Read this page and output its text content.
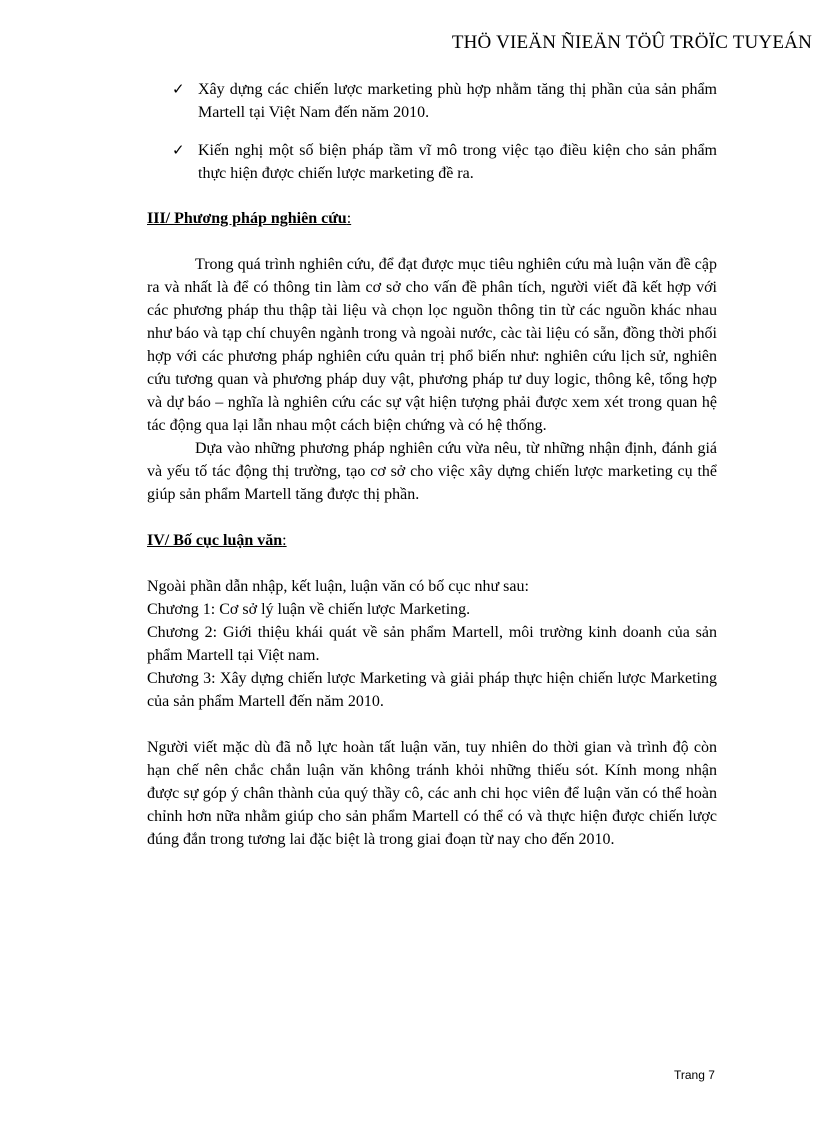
THÖ VIEÄN ÑIEÄN TÖÛ TRÖÏC TUYEÁN
✓ Xây dựng các chiến lược marketing phù hợp nhằm tăng thị phần của sản phẩm Martell tại Việt Nam đến năm 2010.
✓ Kiến nghị một số biện pháp tầm vĩ mô trong việc tạo điều kiện cho sản phẩm thực hiện được chiến lược marketing đề ra.
III/ Phương pháp nghiên cứu:
Trong quá trình nghiên cứu, để đạt được mục tiêu nghiên cứu mà luận văn đề cập ra và nhất là để có thông tin làm cơ sở cho vấn đề phân tích, người viết đã kết hợp với các phương pháp thu thập tài liệu và chọn lọc nguồn thông tin từ các nguồn khác nhau như báo và tạp chí chuyên ngành trong và ngoài nước, càc tài liệu có sẵn, đồng thời phối hợp với các phương pháp nghiên cứu quản trị phổ biến như: nghiên cứu lịch sử, nghiên cứu tương quan và phương pháp duy vật, phương pháp tư duy logic, thông kê, tổng hợp và dự báo – nghĩa là nghiên cứu các sự vật hiện tượng phải được xem xét trong quan hệ tác động qua lại lẫn nhau một cách biện chứng và có hệ thống.
Dựa vào những phương pháp nghiên cứu vừa nêu, từ những nhận định, đánh giá và yếu tố tác động thị trường, tạo cơ sở cho việc xây dựng chiến lược marketing cụ thể giúp sản phẩm Martell tăng được thị phần.
IV/ Bố cục luận văn:
Ngoài phần dẫn nhập, kết luận, luận văn có bố cục như sau:
Chương 1: Cơ sở lý luận về chiến lược Marketing.
Chương 2: Giới thiệu khái quát về sản phẩm Martell, môi trường kinh doanh của sản phẩm Martell tại Việt nam.
Chương 3: Xây dựng chiến lược Marketing và giải pháp thực hiện chiến lược Marketing của sản phẩm Martell đến năm 2010.
Người viết mặc dù đã nỗ lực hoàn tất luận văn, tuy nhiên do thời gian và trình độ còn hạn chế nên chắc chắn luận văn không tránh khỏi những thiếu sót. Kính mong nhận được sự góp ý chân thành của quý thầy cô, các anh chi học viên để luận văn có thể hoàn chỉnh hơn nữa nhằm giúp cho sản phẩm Martell có thể có và thực hiện được chiến lược đúng đắn trong tương lai đặc biệt là trong giai đoạn từ nay cho đến 2010.
Trang 7
